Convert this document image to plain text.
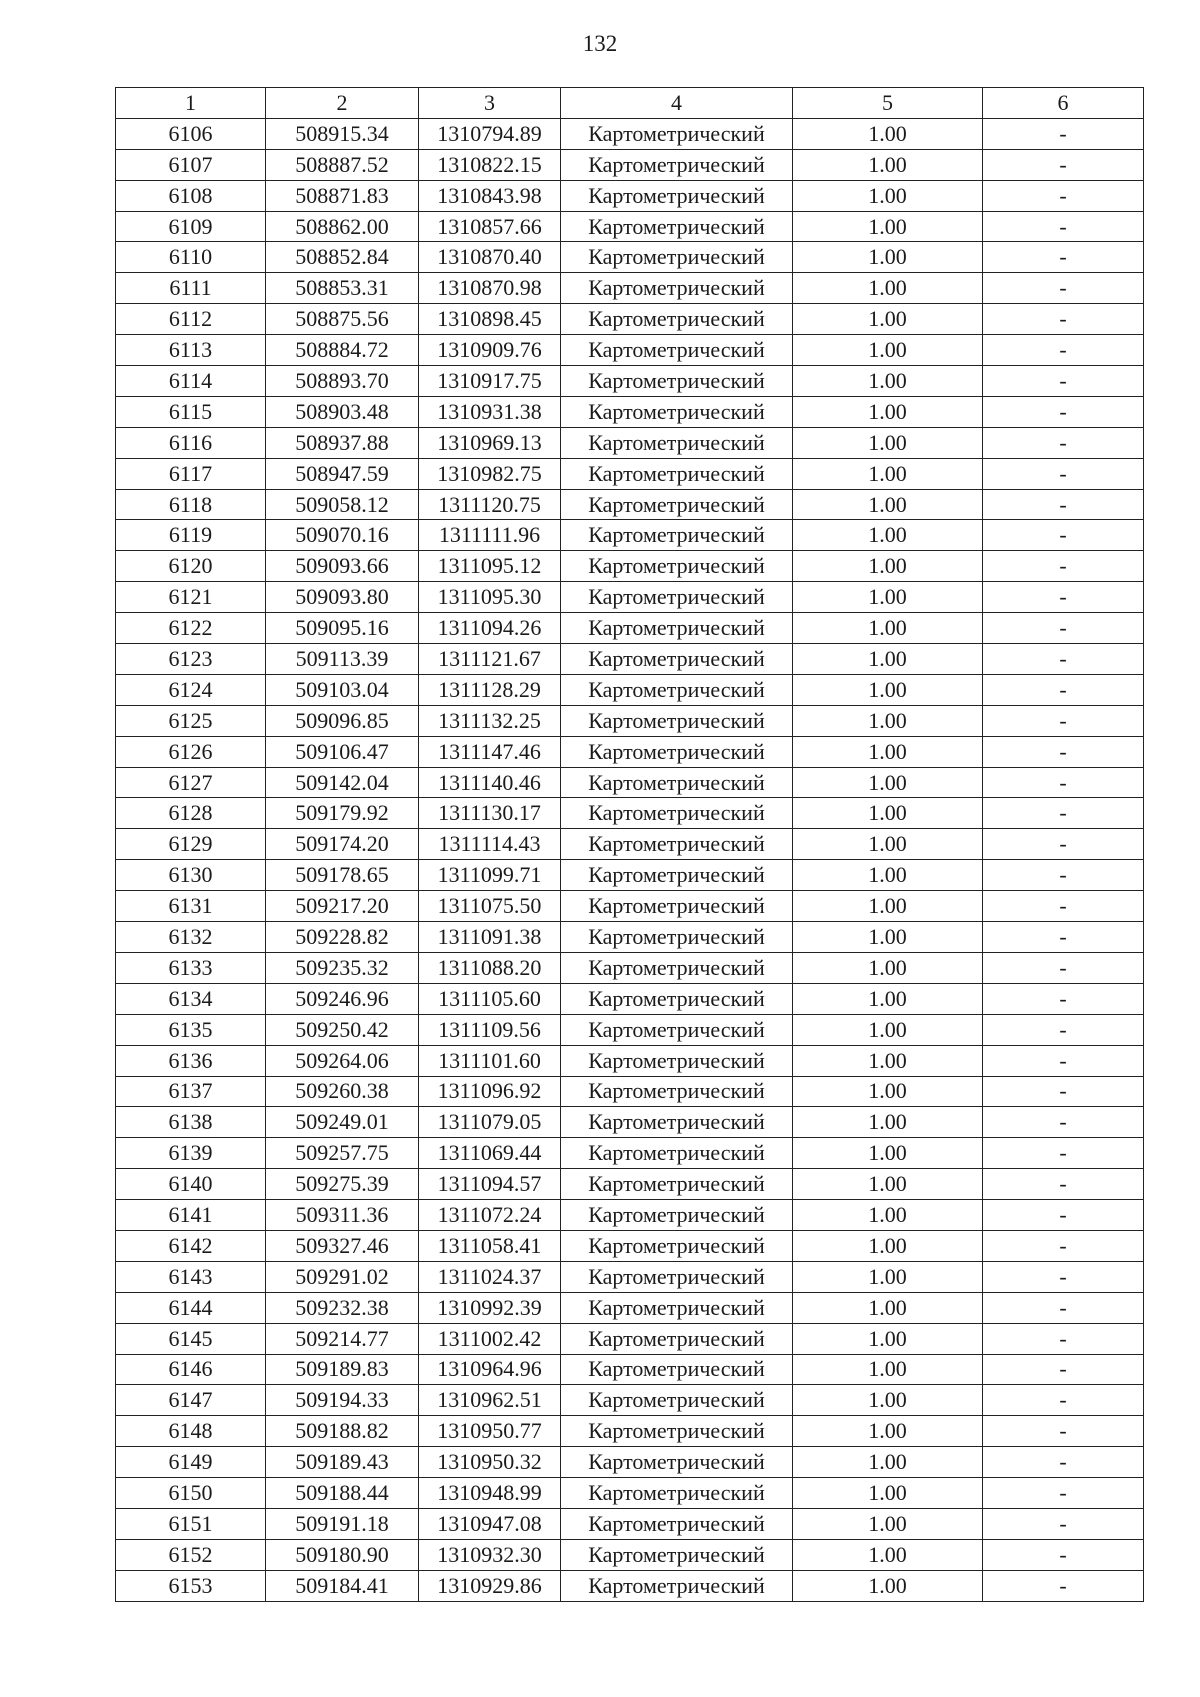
132
1	2	3	4	5	6
6106	508915.34	1310794.89	Картометрический	1.00	-
6107	508887.52	1310822.15	Картометрический	1.00	-
6108	508871.83	1310843.98	Картометрический	1.00	-
6109	508862.00	1310857.66	Картометрический	1.00	-
6110	508852.84	1310870.40	Картометрический	1.00	-
6111	508853.31	1310870.98	Картометрический	1.00	-
6112	508875.56	1310898.45	Картометрический	1.00	-
6113	508884.72	1310909.76	Картометрический	1.00	-
6114	508893.70	1310917.75	Картометрический	1.00	-
6115	508903.48	1310931.38	Картометрический	1.00	-
6116	508937.88	1310969.13	Картометрический	1.00	-
6117	508947.59	1310982.75	Картометрический	1.00	-
6118	509058.12	1311120.75	Картометрический	1.00	-
6119	509070.16	1311111.96	Картометрический	1.00	-
6120	509093.66	1311095.12	Картометрический	1.00	-
6121	509093.80	1311095.30	Картометрический	1.00	-
6122	509095.16	1311094.26	Картометрический	1.00	-
6123	509113.39	1311121.67	Картометрический	1.00	-
6124	509103.04	1311128.29	Картометрический	1.00	-
6125	509096.85	1311132.25	Картометрический	1.00	-
6126	509106.47	1311147.46	Картометрический	1.00	-
6127	509142.04	1311140.46	Картометрический	1.00	-
6128	509179.92	1311130.17	Картометрический	1.00	-
6129	509174.20	1311114.43	Картометрический	1.00	-
6130	509178.65	1311099.71	Картометрический	1.00	-
6131	509217.20	1311075.50	Картометрический	1.00	-
6132	509228.82	1311091.38	Картометрический	1.00	-
6133	509235.32	1311088.20	Картометрический	1.00	-
6134	509246.96	1311105.60	Картометрический	1.00	-
6135	509250.42	1311109.56	Картометрический	1.00	-
6136	509264.06	1311101.60	Картометрический	1.00	-
6137	509260.38	1311096.92	Картометрический	1.00	-
6138	509249.01	1311079.05	Картометрический	1.00	-
6139	509257.75	1311069.44	Картометрический	1.00	-
6140	509275.39	1311094.57	Картометрический	1.00	-
6141	509311.36	1311072.24	Картометрический	1.00	-
6142	509327.46	1311058.41	Картометрический	1.00	-
6143	509291.02	1311024.37	Картометрический	1.00	-
6144	509232.38	1310992.39	Картометрический	1.00	-
6145	509214.77	1311002.42	Картометрический	1.00	-
6146	509189.83	1310964.96	Картометрический	1.00	-
6147	509194.33	1310962.51	Картометрический	1.00	-
6148	509188.82	1310950.77	Картометрический	1.00	-
6149	509189.43	1310950.32	Картометрический	1.00	-
6150	509188.44	1310948.99	Картометрический	1.00	-
6151	509191.18	1310947.08	Картометрический	1.00	-
6152	509180.90	1310932.30	Картометрический	1.00	-
6153	509184.41	1310929.86	Картометрический	1.00	-
